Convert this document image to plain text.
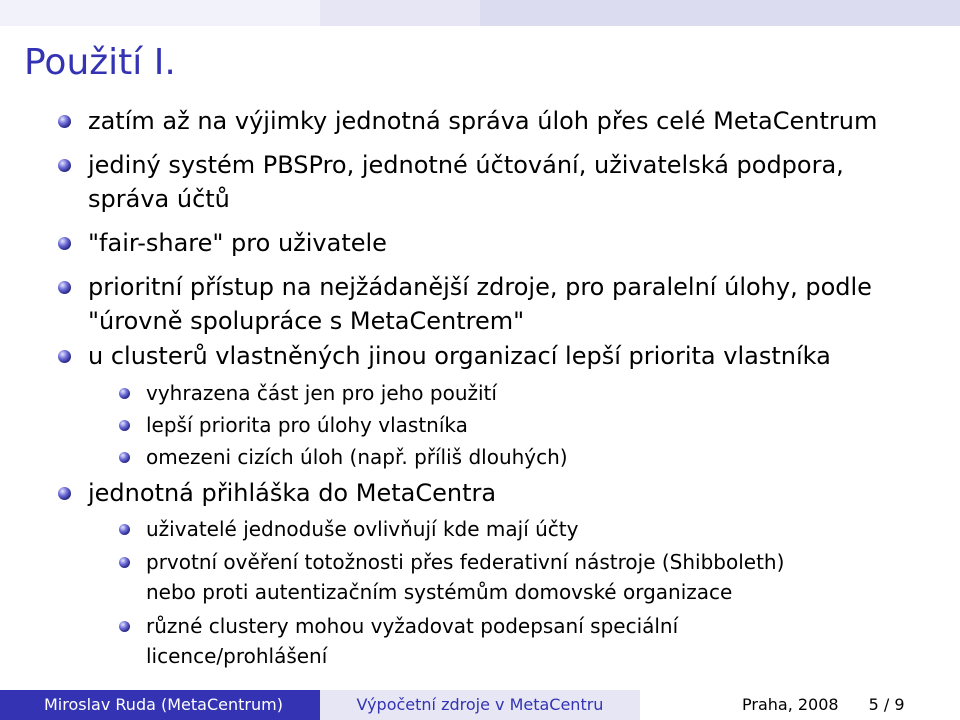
Použití I.
zatím až na výjimky jednotná správa úloh přes celé MetaCentrum
jediný systém PBSPro, jednotné účtování, uživatelská podpora,
správa účtů
"fair-share" pro uživatele
prioritní přístup na nejžádanější zdroje, pro paralelní úlohy, podle
"úrovně spolupráce s MetaCentrem"
u clusterů vlastněných jinou organizací lepší priorita vlastníka
vyhrazena část jen pro jeho použití
lepší priorita pro úlohy vlastníka
omezeni cizích úloh (např. příliš dlouhých)
jednotná přihláška do MetaCentra
uživatelé jednoduše ovlivňují kde mají účty
prvotní ověření totožnosti přes federativní nástroje (Shibboleth)
nebo proti autentizačním systémům domovské organizace
různé clustery mohou vyžadovat podepsaní speciální
licence/prohlášení
Miroslav Ruda (MetaCentrum)	Výpočetní zdroje v MetaCentru	Praha, 2008 5 / 9
